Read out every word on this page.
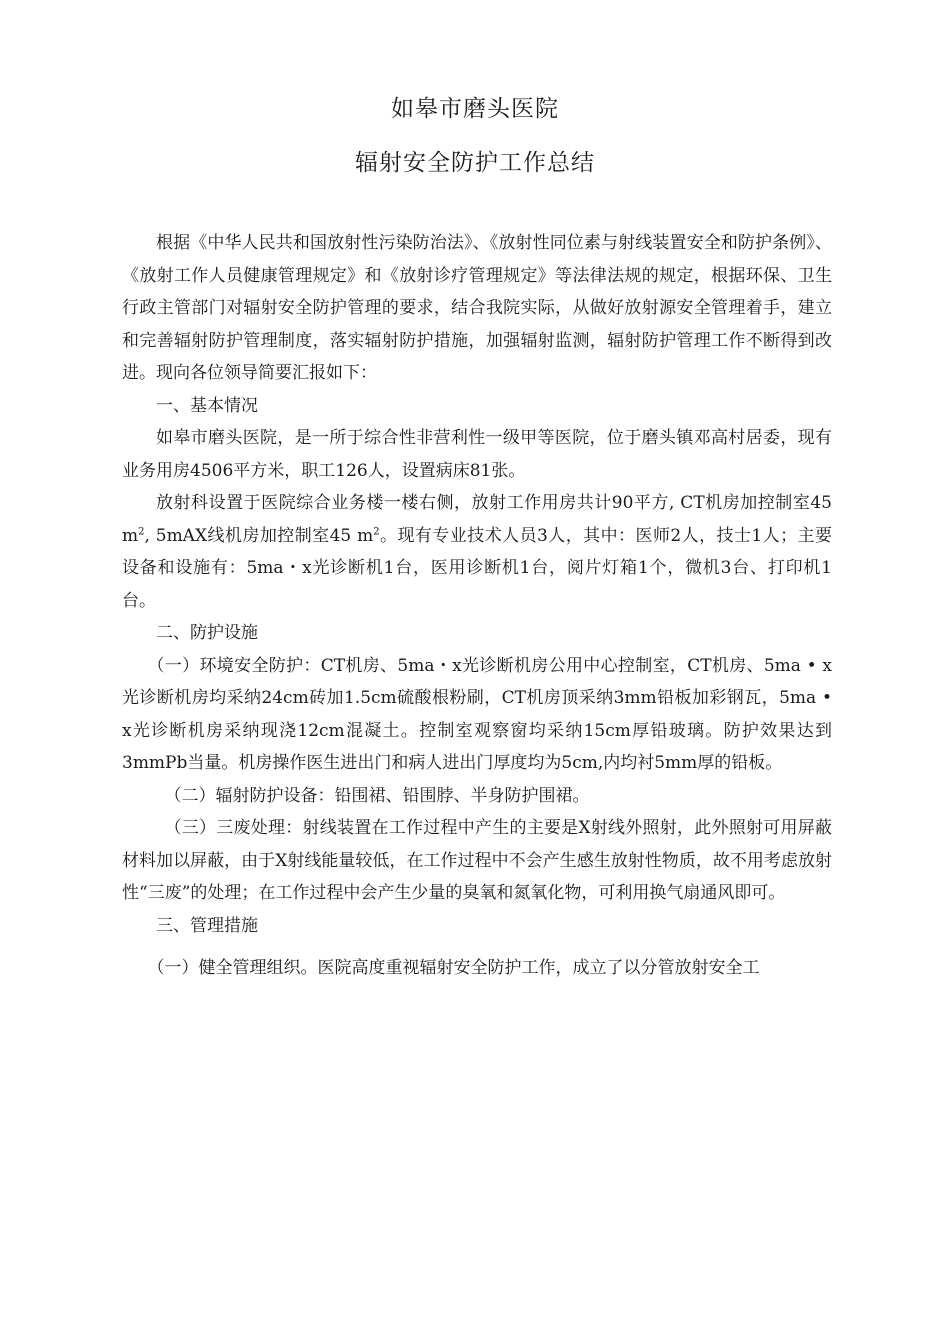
如皋市磨头医院
辐射安全防护工作总结

根据《中华人民共和国放射性污染防治法》、《放射性同位素与射线装置安全和防护条例》、《放射工作人员健康管理规定》和《放射诊疗管理规定》等法律法规的规定，根据环保、卫生行政主管部门对辐射安全防护管理的要求，结合我院实际，从做好放射源安全管理着手，建立和完善辐射防护管理制度，落实辐射防护措施，加强辐射监测，辐射防护管理工作不断得到改进。现向各位领导简要汇报如下：

一、基本情况

如皋市磨头医院，是一所于综合性非营利性一级甲等医院，位于磨头镇邓高村居委，现有业务用房4506平方米，职工126人，设置病床81张。

放射科设置于医院综合业务楼一楼右侧，放射工作用房共计90平方, CT机房加控制室45 $m^2$, 5mAX线机房加控制室45 $m^2$。现有专业技术人员3人，其中：医师2人，技士1人；主要设备和设施有：5ma・x光诊断机1台，医用诊断机1台，阅片灯箱1个，微机3台、打印机1台。

二、防护设施

（一）环境安全防护：CT机房、5ma・x光诊断机房公用中心控制室，CT机房、5ma • x光诊断机房均采纳24cm砖加1.5cm硫酸根粉刷，CT机房顶采纳3mm铅板加彩钢瓦，5ma • x光诊断机房采纳现浇12cm混凝土。控制室观察窗均采纳15cm厚铅玻璃。防护效果达到3mmPb当量。机房操作医生进出门和病人进出门厚度均为5cm,内均衬5mm厚的铅板。

（二）辐射防护设备：铅围裙、铅围脖、半身防护围裙。

（三）三废处理：射线装置在工作过程中产生的主要是X射线外照射，此外照射可用屏蔽材料加以屏蔽，由于X射线能量较低，在工作过程中不会产生感生放射性物质，故不用考虑放射性“三废”的处理；在工作过程中会产生少量的臭氧和氮氧化物，可利用换气扇通风即可。

三、管理措施

（一）健全管理组织。医院高度重视辐射安全防护工作，成立了以分管放射安全工
